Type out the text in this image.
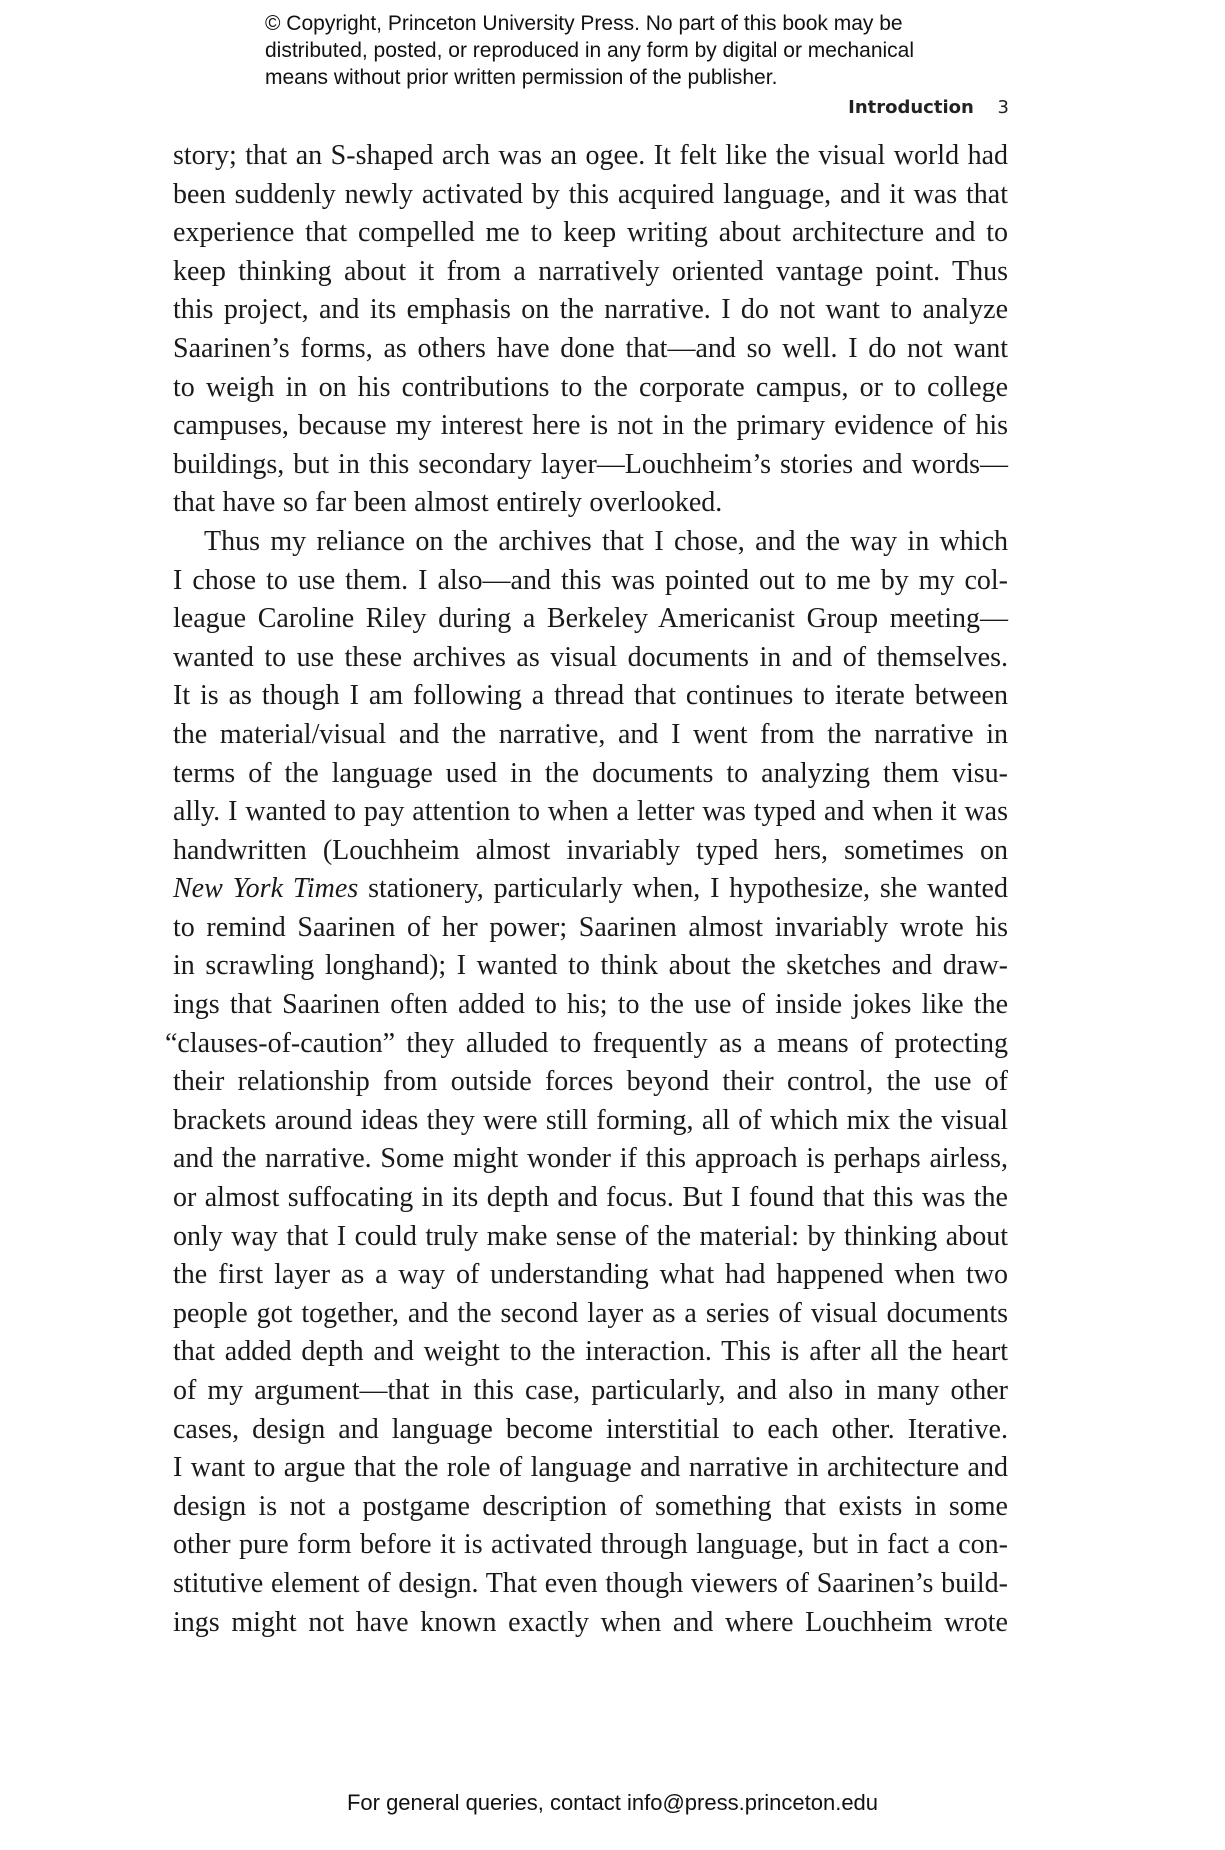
© Copyright, Princeton University Press. No part of this book may be
distributed, posted, or reproduced in any form by digital or mechanical
means without prior written permission of the publisher.
Introduction 3
story; that an S-shaped arch was an ogee. It felt like the visual world had
been suddenly newly activated by this acquired language, and it was that
experience that compelled me to keep writing about architecture and to
keep thinking about it from a narratively oriented vantage point. Thus
this project, and its emphasis on the narrative. I do not want to analyze
Saarinen’s forms, as others have done that—and so well. I do not want
to weigh in on his contributions to the corporate campus, or to college
campuses, because my interest here is not in the primary evidence of his
buildings, but in this secondary layer—Louchheim’s stories and words—
that have so far been almost entirely overlooked.
Thus my reliance on the archives that I chose, and the way in which
I chose to use them. I also—and this was pointed out to me by my col-
league Caroline Riley during a Berkeley Americanist Group meeting—
wanted to use these archives as visual documents in and of themselves.
It is as though I am following a thread that continues to iterate between
the material/visual and the narrative, and I went from the narrative in
terms of the language used in the documents to analyzing them visu-
ally. I wanted to pay attention to when a letter was typed and when it was
handwritten (Louchheim almost invariably typed hers, sometimes on
New York Times stationery, particularly when, I hypothesize, she wanted
to remind Saarinen of her power; Saarinen almost invariably wrote his
in scrawling longhand); I wanted to think about the sketches and draw-
ings that Saarinen often added to his; to the use of inside jokes like the
“clauses-of-caution” they alluded to frequently as a means of protecting
their relationship from outside forces beyond their control, the use of
brackets around ideas they were still forming, all of which mix the visual
and the narrative. Some might wonder if this approach is perhaps airless,
or almost suffocating in its depth and focus. But I found that this was the
only way that I could truly make sense of the material: by thinking about
the first layer as a way of understanding what had happened when two
people got together, and the second layer as a series of visual documents
that added depth and weight to the interaction. This is after all the heart
of my argument—that in this case, particularly, and also in many other
cases, design and language become interstitial to each other. Iterative.
I want to argue that the role of language and narrative in architecture and
design is not a postgame description of something that exists in some
other pure form before it is activated through language, but in fact a con-
stitutive element of design. That even though viewers of Saarinen’s build-
ings might not have known exactly when and where Louchheim wrote
For general queries, contact info@press.princeton.edu
